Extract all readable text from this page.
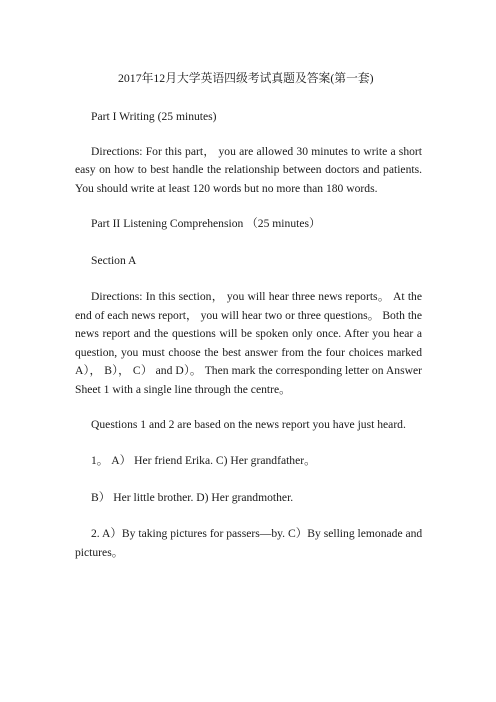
2017年12月大学英语四级考试真题及答案(第一套)

Part I Writing (25 minutes)

Directions: For this part， you are allowed 30 minutes to write a short

easy on how to best handle the relationship between doctors and patients.

You should write at least 120 words but no more than 180 words.

Part II Listening Comprehension （25 minutes）

Section A

Directions: In this section， you will hear three news reports。 At the

end of each news report， you will hear two or three questions。 Both the

news report and the questions will be spoken only once. After you hear a

question, you must choose the best answer from the four choices marked

A）， B）， C） and D）。 Then mark the corresponding letter on Answer

Sheet 1 with a single line through the centre。

Questions 1 and 2 are based on the news report you have just heard.

1。 A） Her friend Erika. C) Her grandfather。

B） Her little brother. D) Her grandmother.

2. A）By taking pictures for passers—by. C）By selling lemonade and

pictures。
